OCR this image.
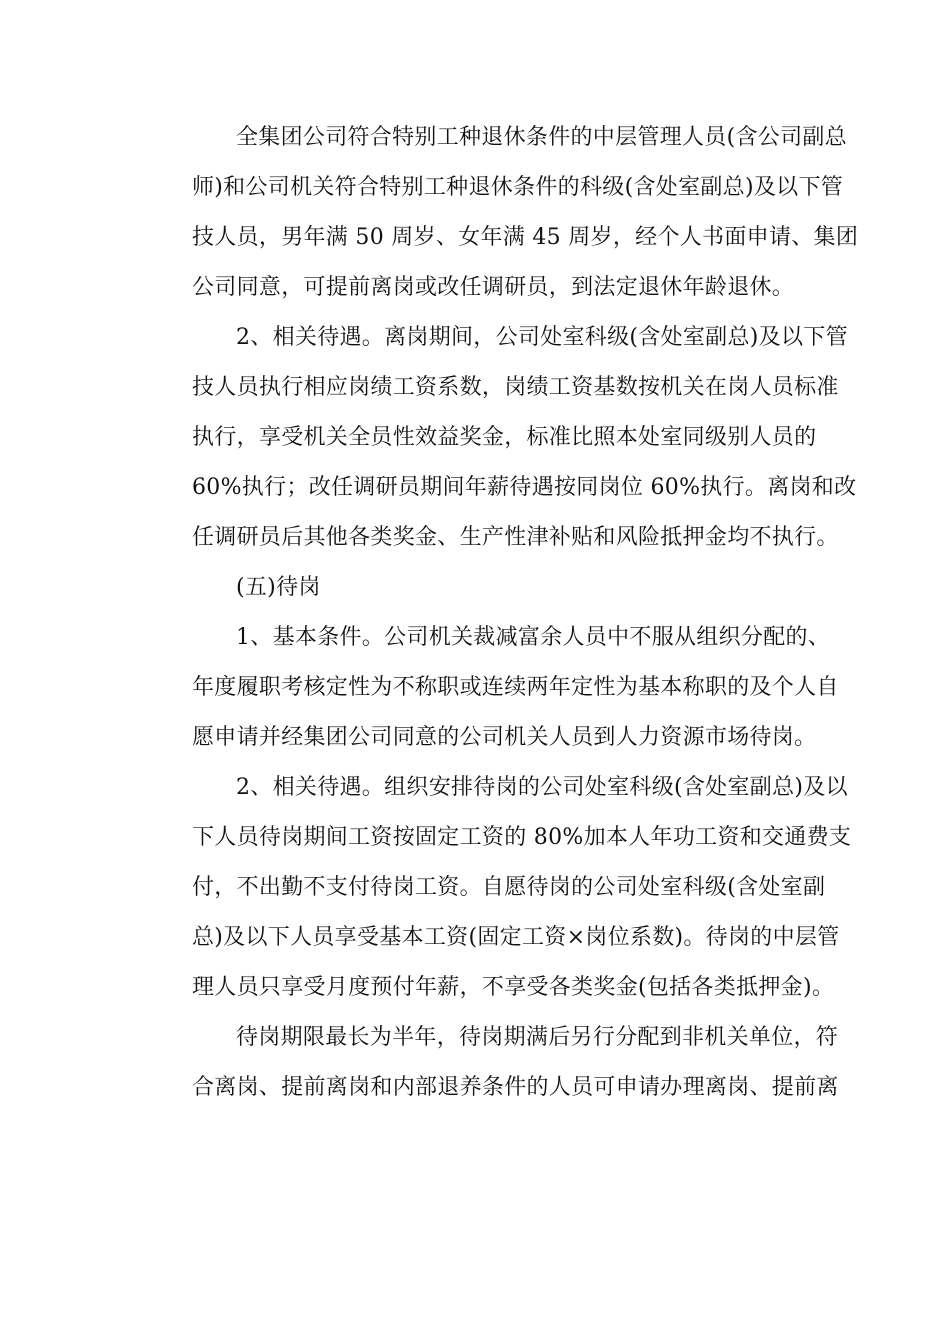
全集团公司符合特别工种退休条件的中层管理人员(含公司副总
师)和公司机关符合特别工种退休条件的科级(含处室副总)及以下管
技人员，男年满 50 周岁、女年满 45 周岁，经个人书面申请、集团
公司同意，可提前离岗或改任调研员，到法定退休年龄退休。
2、相关待遇。离岗期间，公司处室科级(含处室副总)及以下管
技人员执行相应岗绩工资系数，岗绩工资基数按机关在岗人员标准
执行，享受机关全员性效益奖金，标准比照本处室同级别人员的
60%执行；改任调研员期间年薪待遇按同岗位 60%执行。离岗和改
任调研员后其他各类奖金、生产性津补贴和风险抵押金均不执行。
(五)待岗
1、基本条件。公司机关裁减富余人员中不服从组织分配的、
年度履职考核定性为不称职或连续两年定性为基本称职的及个人自
愿申请并经集团公司同意的公司机关人员到人力资源市场待岗。
2、相关待遇。组织安排待岗的公司处室科级(含处室副总)及以
下人员待岗期间工资按固定工资的 80%加本人年功工资和交通费支
付，不出勤不支付待岗工资。自愿待岗的公司处室科级(含处室副
总)及以下人员享受基本工资(固定工资×岗位系数)。待岗的中层管
理人员只享受月度预付年薪，不享受各类奖金(包括各类抵押金)。
待岗期限最长为半年，待岗期满后另行分配到非机关单位，符
合离岗、提前离岗和内部退养条件的人员可申请办理离岗、提前离
